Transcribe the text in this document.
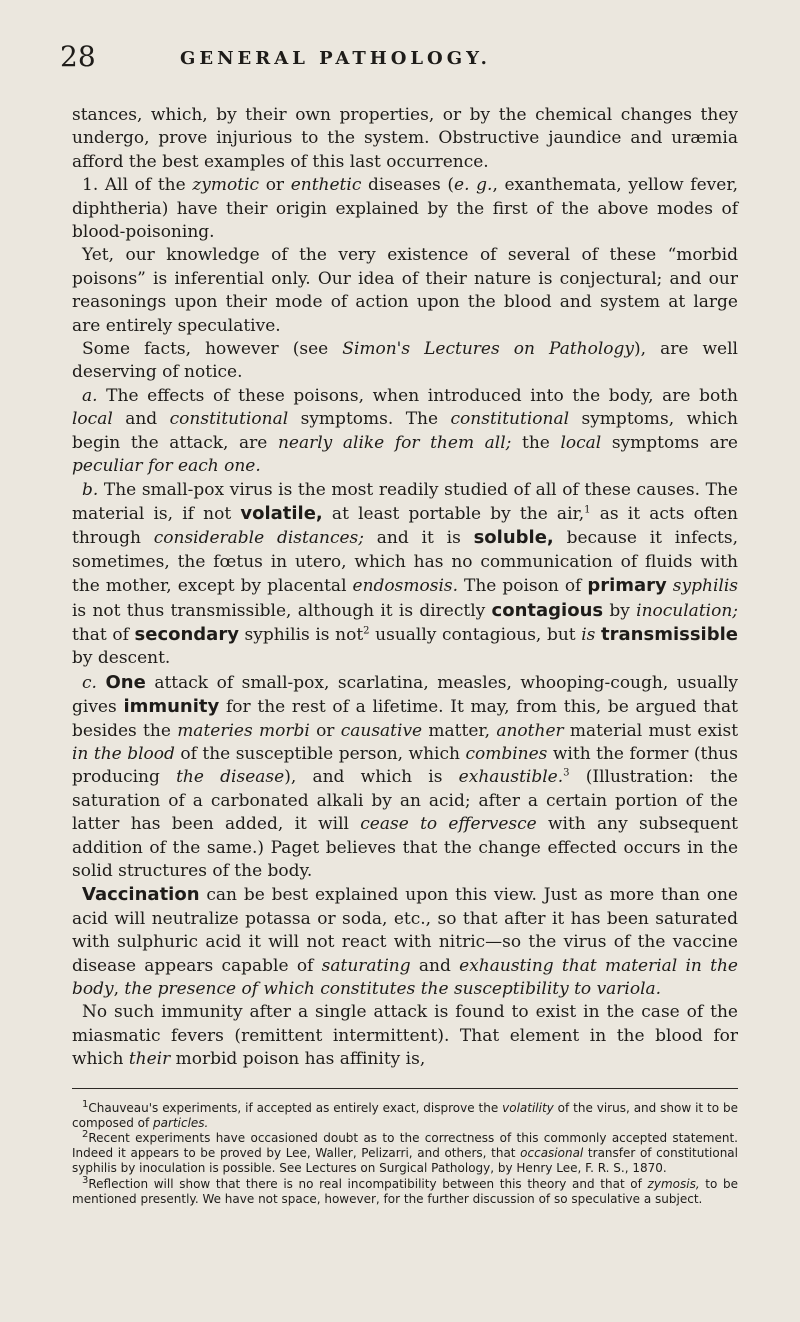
28	GENERAL PATHOLOGY.

stances, which, by their own properties, or by the chemical changes they undergo, prove injurious to the system. Obstructive jaundice and uræmia afford the best examples of this last occurrence.

1. All of the zymotic or enthetic diseases (e. g., exanthemata, yellow fever, diphtheria) have their origin explained by the first of the above modes of blood-poisoning.

Yet, our knowledge of the very existence of several of these “morbid poisons” is inferential only. Our idea of their nature is conjectural; and our reasonings upon their mode of action upon the blood and system at large are entirely speculative.

Some facts, however (see Simon's Lectures on Pathology), are well deserving of notice.

a. The effects of these poisons, when introduced into the body, are both local and constitutional symptoms. The constitutional symptoms, which begin the attack, are nearly alike for them all; the local symptoms are peculiar for each one.

b. The small-pox virus is the most readily studied of all of these causes. The material is, if not volatile, at least portable by the air,$^1$ as it acts often through considerable distances; and it is soluble, because it infects, sometimes, the fœtus in utero, which has no communication of fluids with the mother, except by placental endosmosis. The poison of primary syphilis is not thus transmissible, although it is directly contagious by inoculation; that of secondary syphilis is not$^2$ usually contagious, but is transmissible by descent.

c. One attack of small-pox, scarlatina, measles, whooping-cough, usually gives immunity for the rest of a lifetime. It may, from this, be argued that besides the materies morbi or causative matter, another material must exist in the blood of the susceptible person, which combines with the former (thus producing the disease), and which is exhaustible.$^3$ (Illustration: the saturation of a carbonated alkali by an acid; after a certain portion of the latter has been added, it will cease to effervesce with any subsequent addition of the same.) Paget believes that the change effected occurs in the solid structures of the body.

Vaccination can be best explained upon this view. Just as more than one acid will neutralize potassa or soda, etc., so that after it has been saturated with sulphuric acid it will not react with nitric—so the virus of the vaccine disease appears capable of saturating and exhausting that material in the body, the presence of which constitutes the susceptibility to variola.

No such immunity after a single attack is found to exist in the case of the miasmatic fevers (remittent intermittent). That element in the blood for which their morbid poison has affinity is,

$^1$Chauveau's experiments, if accepted as entirely exact, disprove the volatility of the virus, and show it to be composed of particles.

$^2$Recent experiments have occasioned doubt as to the correctness of this commonly accepted statement. Indeed it appears to be proved by Lee, Waller, Pelizarri, and others, that occasional transfer of constitutional syphilis by inoculation is possible. See Lectures on Surgical Pathology, by Henry Lee, F. R. S., 1870.

$^3$Reflection will show that there is no real incompatibility between this theory and that of zymosis, to be mentioned presently. We have not space, however, for the further discussion of so speculative a subject.
